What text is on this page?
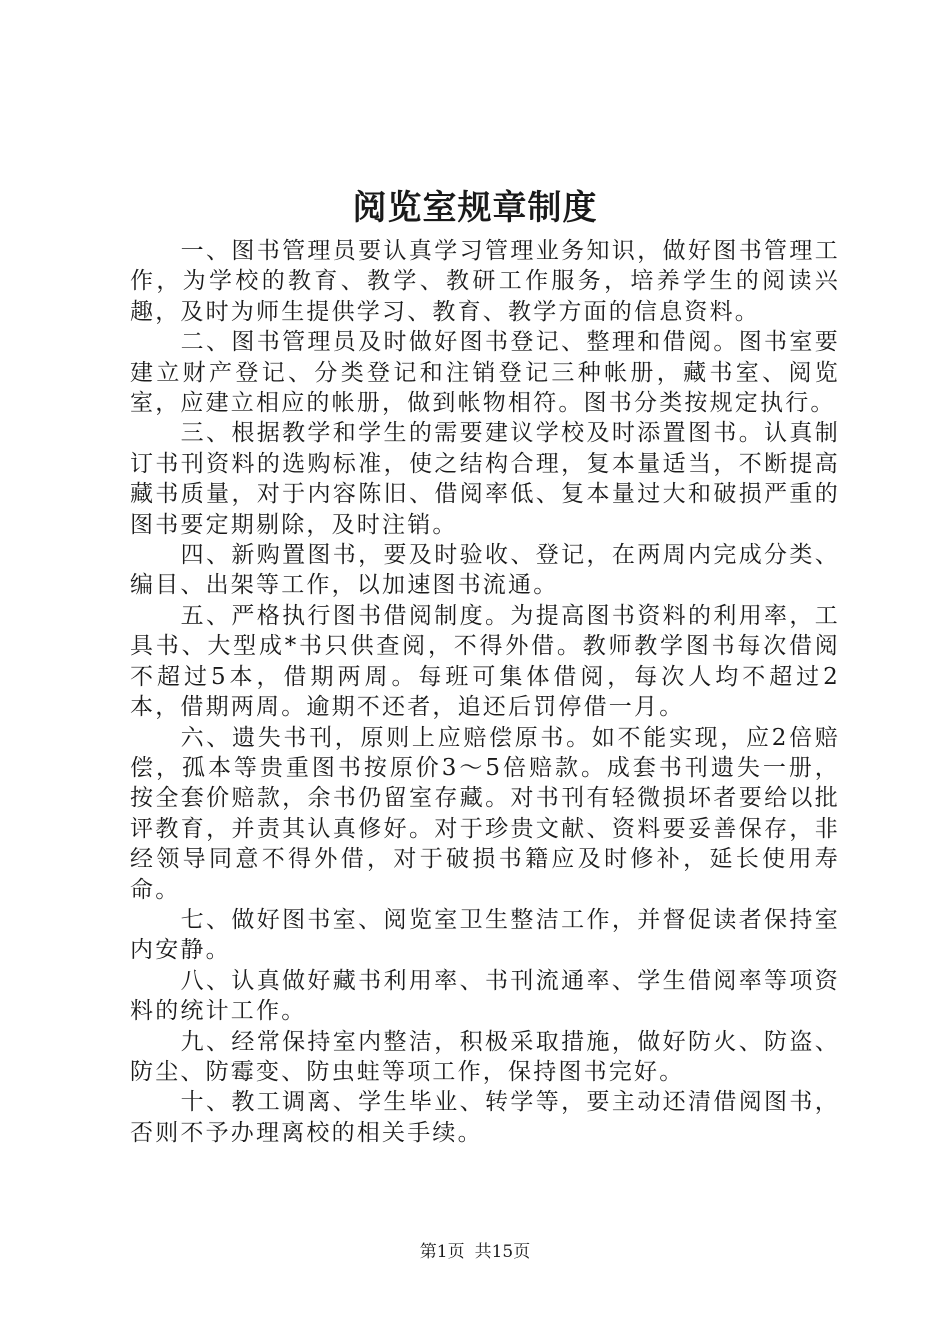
阅览室规章制度

一、图书管理员要认真学习管理业务知识，做好图书管理工作，为学校的教育、教学、教研工作服务，培养学生的阅读兴趣，及时为师生提供学习、教育、教学方面的信息资料。

二、图书管理员及时做好图书登记、整理和借阅。图书室要建立财产登记、分类登记和注销登记三种帐册，藏书室、阅览室，应建立相应的帐册，做到帐物相符。图书分类按规定执行。

三、根据教学和学生的需要建议学校及时添置图书。认真制订书刊资料的选购标准，使之结构合理，复本量适当，不断提高藏书质量，对于内容陈旧、借阅率低、复本量过大和破损严重的图书要定期剔除，及时注销。

四、新购置图书，要及时验收、登记，在两周内完成分类、编目、出架等工作，以加速图书流通。

五、严格执行图书借阅制度。为提高图书资料的利用率，工具书、大型成*书只供查阅，不得外借。教师教学图书每次借阅不超过5本，借期两周。每班可集体借阅，每次人均不超过2本，借期两周。逾期不还者，追还后罚停借一月。

六、遗失书刊，原则上应赔偿原书。如不能实现，应2倍赔偿，孤本等贵重图书按原价3～5倍赔款。成套书刊遗失一册，按全套价赔款，余书仍留室存藏。对书刊有轻微损坏者要给以批评教育，并责其认真修好。对于珍贵文献、资料要妥善保存，非经领导同意不得外借，对于破损书籍应及时修补，延长使用寿命。

七、做好图书室、阅览室卫生整洁工作，并督促读者保持室内安静。

八、认真做好藏书利用率、书刊流通率、学生借阅率等项资料的统计工作。

九、经常保持室内整洁，积极采取措施，做好防火、防盗、防尘、防霉变、防虫蛀等项工作，保持图书完好。

十、教工调离、学生毕业、转学等，要主动还清借阅图书，否则不予办理离校的相关手续。

第1页 共15页
